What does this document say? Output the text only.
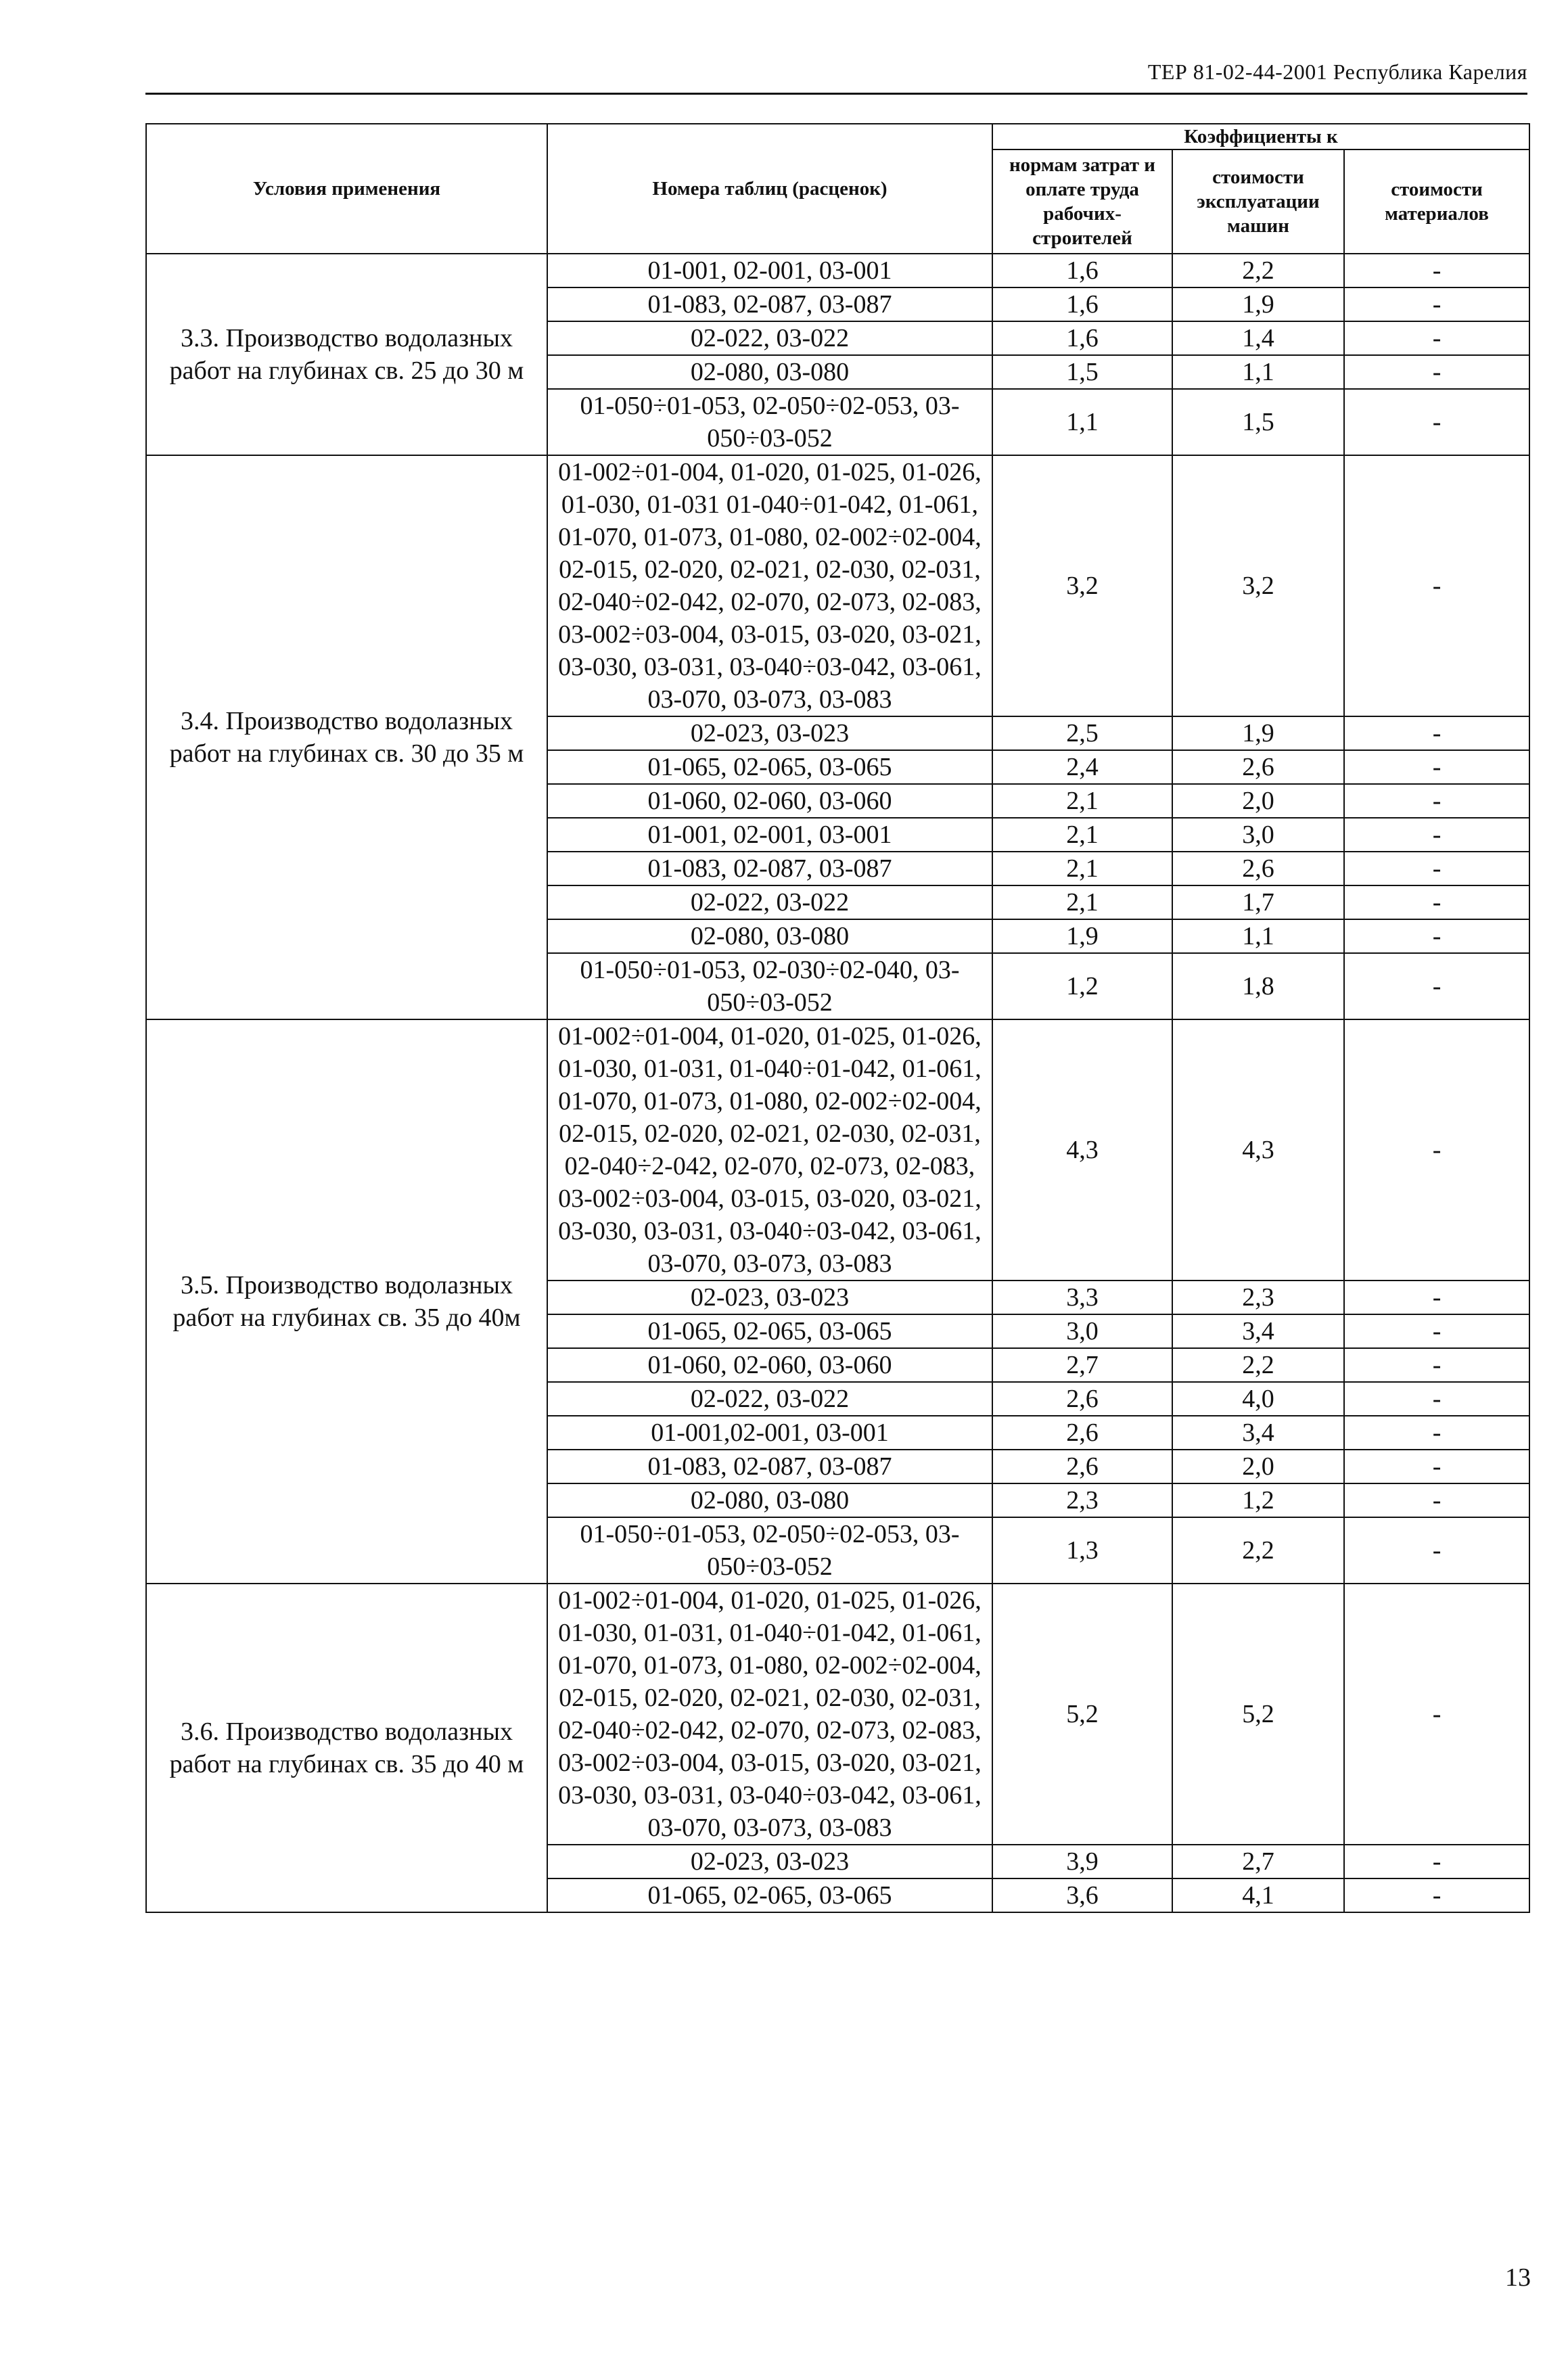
ТЕР 81-02-44-2001 Республика Карелия
Условия применения	Номера таблиц (расценок)	Коэффициенты к		
		нормам затрат и оплате труда рабочих-строителей	стоимости эксплуатации машин	стоимости материалов
3.3. Производство водолазных работ на глубинах св. 25 до 30 м	01-001, 02-001, 03-001	1,6	2,2	-
	01-083, 02-087, 03-087	1,6	1,9	-
	02-022, 03-022	1,6	1,4	-
	02-080, 03-080	1,5	1,1	-
	01-050÷01-053, 02-050÷02-053, 03-050÷03-052	1,1	1,5	-
3.4. Производство водолазных работ на глубинах св. 30 до 35 м	01-002÷01-004, 01-020, 01-025, 01-026, 01-030, 01-031 01-040÷01-042, 01-061, 01-070, 01-073, 01-080, 02-002÷02-004, 02-015, 02-020, 02-021, 02-030, 02-031, 02-040÷02-042, 02-070, 02-073, 02-083, 03-002÷03-004, 03-015, 03-020, 03-021, 03-030, 03-031, 03-040÷03-042, 03-061, 03-070, 03-073, 03-083	3,2	3,2	-
	02-023, 03-023	2,5	1,9	-
	01-065, 02-065, 03-065	2,4	2,6	-
	01-060, 02-060, 03-060	2,1	2,0	-
	01-001, 02-001, 03-001	2,1	3,0	-
	01-083, 02-087, 03-087	2,1	2,6	-
	02-022, 03-022	2,1	1,7	-
	02-080, 03-080	1,9	1,1	-
	01-050÷01-053, 02-030÷02-040, 03-050÷03-052	1,2	1,8	-
3.5. Производство водолазных работ на глубинах св. 35 до 40м	01-002÷01-004, 01-020, 01-025, 01-026, 01-030, 01-031, 01-040÷01-042, 01-061, 01-070, 01-073, 01-080, 02-002÷02-004, 02-015, 02-020, 02-021, 02-030, 02-031, 02-040÷2-042, 02-070, 02-073, 02-083, 03-002÷03-004, 03-015, 03-020, 03-021, 03-030, 03-031, 03-040÷03-042, 03-061, 03-070, 03-073, 03-083	4,3	4,3	-
	02-023, 03-023	3,3	2,3	-
	01-065, 02-065, 03-065	3,0	3,4	-
	01-060, 02-060, 03-060	2,7	2,2	-
	02-022, 03-022	2,6	4,0	-
	01-001,02-001, 03-001	2,6	3,4	-
	01-083, 02-087, 03-087	2,6	2,0	-
	02-080, 03-080	2,3	1,2	-
	01-050÷01-053, 02-050÷02-053, 03-050÷03-052	1,3	2,2	-
3.6. Производство водолазных работ на глубинах св. 35 до 40 м	01-002÷01-004, 01-020, 01-025, 01-026, 01-030, 01-031, 01-040÷01-042, 01-061, 01-070, 01-073, 01-080, 02-002÷02-004, 02-015, 02-020, 02-021, 02-030, 02-031, 02-040÷02-042, 02-070, 02-073, 02-083, 03-002÷03-004, 03-015, 03-020, 03-021, 03-030, 03-031, 03-040÷03-042, 03-061, 03-070, 03-073, 03-083	5,2	5,2	-
	02-023, 03-023	3,9	2,7	-
	01-065, 02-065, 03-065	3,6	4,1	-
13
